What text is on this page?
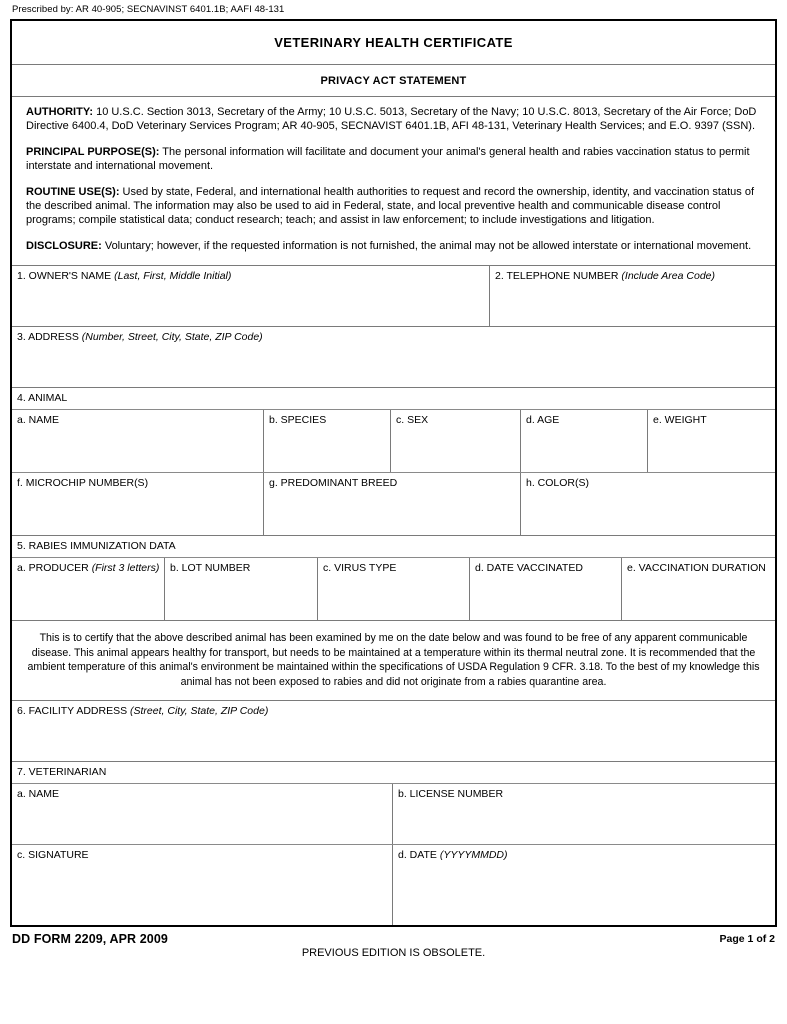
Prescribed by: AR 40-905; SECNAVINST 6401.1B; AAFI 48-131
VETERINARY HEALTH CERTIFICATE
PRIVACY ACT STATEMENT

AUTHORITY: 10 U.S.C. Section 3013, Secretary of the Army; 10 U.S.C. 5013, Secretary of the Navy; 10 U.S.C. 8013, Secretary of the Air Force; DoD Directive 6400.4, DoD Veterinary Services Program; AR 40-905, SECNAVIST 6401.1B, AFI 48-131, Veterinary Health Services; and E.O. 9397 (SSN).

PRINCIPAL PURPOSE(S): The personal information will facilitate and document your animal's general health and rabies vaccination status to permit interstate and international movement.

ROUTINE USE(S): Used by state, Federal, and international health authorities to request and record the ownership, identity, and vaccination status of the described animal. The information may also be used to aid in Federal, state, and local preventive health and communicable disease control programs; compile statistical data; conduct research; teach; and assist in law enforcement; to include investigations and litigation.

DISCLOSURE: Voluntary; however, if the requested information is not furnished, the animal may not be allowed interstate or international movement.

1. OWNER'S NAME (Last, First, Middle Initial)	2. TELEPHONE NUMBER (Include Area Code)
3. ADDRESS (Number, Street, City, State, ZIP Code)
4. ANIMAL
a. NAME	b. SPECIES	c. SEX	d. AGE	e. WEIGHT
f. MICROCHIP NUMBER(S)	g. PREDOMINANT BREED	h. COLOR(S)
5. RABIES IMMUNIZATION DATA
a. PRODUCER (First 3 letters)	b. LOT NUMBER	c. VIRUS TYPE	d. DATE VACCINATED	e. VACCINATION DURATION
This is to certify that the above described animal has been examined by me on the date below and was found to be free of any apparent communicable disease. This animal appears healthy for transport, but needs to be maintained at a temperature within its thermal neutral zone. It is recommended that the ambient temperature of this animal's environment be maintained within the specifications of USDA Regulation 9 CFR. 3.18. To the best of my knowledge this animal has not been exposed to rabies and did not originate from a rabies quarantine area.
6. FACILITY ADDRESS (Street, City, State, ZIP Code)
7. VETERINARIAN
a. NAME	b. LICENSE NUMBER
c. SIGNATURE	d. DATE (YYYYMMDD)
DD FORM 2209, APR 2009
PREVIOUS EDITION IS OBSOLETE.
Page 1 of 2
